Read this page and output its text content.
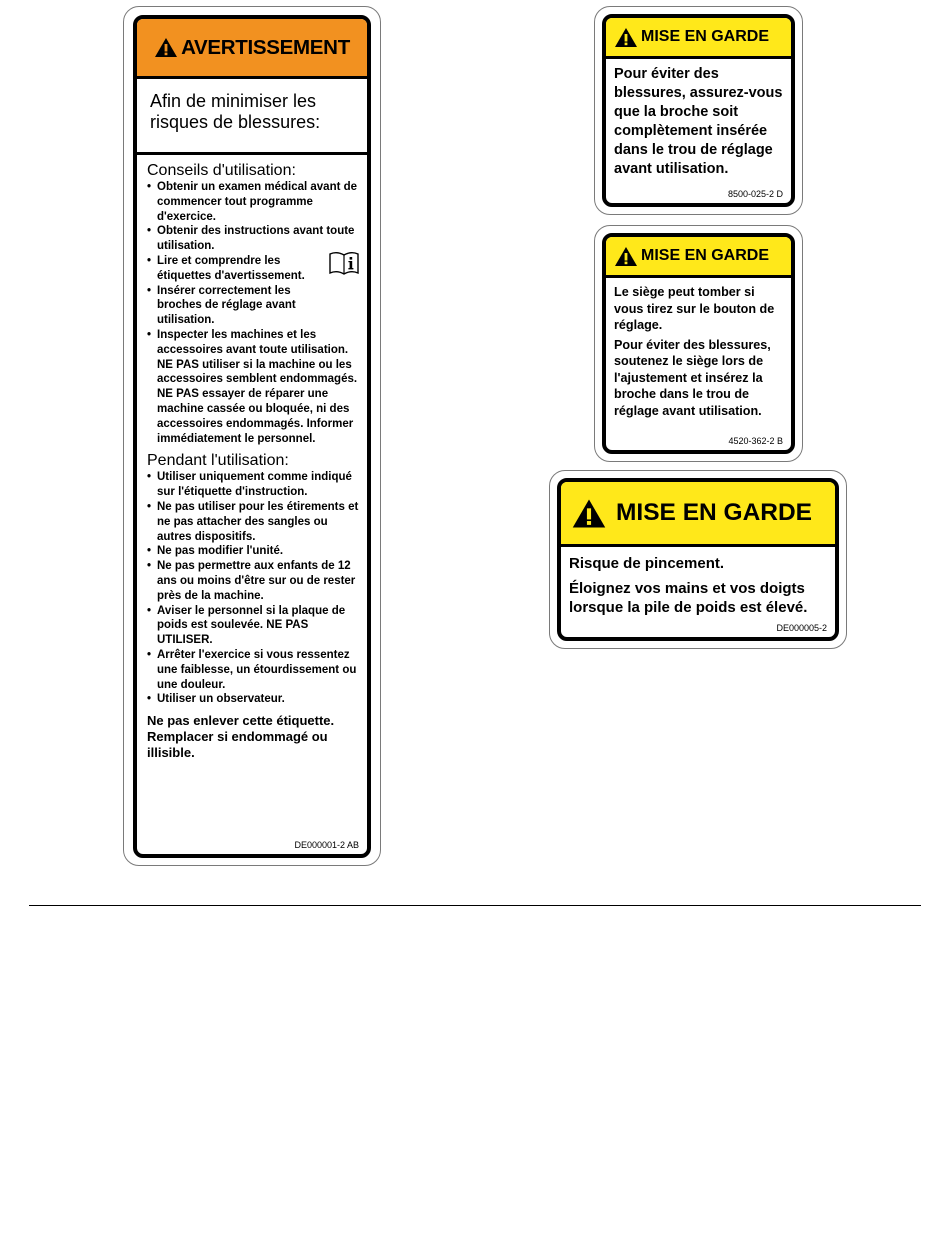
AVERTISSEMENT
Afin de minimiser les risques de blessures:
Conseils d'utilisation:
• Obtenir un examen médical avant de commencer tout programme d'exercice.
• Obtenir des instructions avant toute utilisation.
• Lire et comprendre les étiquettes d'avertissement.
• Insérer correctement les broches de réglage avant utilisation.
• Inspecter les machines et les accessoires avant toute utilisation. NE PAS utiliser si la machine ou les accessoires semblent endommagés. NE PAS essayer de réparer une machine cassée ou bloquée, ni des accessoires endommagés. Informer immédiatement le personnel.
Pendant l'utilisation:
• Utiliser uniquement comme indiqué sur l'étiquette d'instruction.
• Ne pas utiliser pour les étirements et ne pas attacher des sangles ou autres dispositifs.
• Ne pas modifier l'unité.
• Ne pas permettre aux enfants de 12 ans ou moins d'être sur ou de rester près de la machine.
• Aviser le personnel si la plaque de poids est soulevée. NE PAS UTILISER.
• Arrêter l'exercice si vous ressentez une faiblesse, un étourdissement ou une douleur.
• Utiliser un observateur.
Ne pas enlever cette étiquette. Remplacer si endommagé ou illisible.
DE000001-2 AB
MISE EN GARDE
Pour éviter des blessures, assurez-vous que la broche soit complètement insérée dans le trou de réglage avant utilisation.
8500-025-2 D
MISE EN GARDE

Le siège peut tomber si vous tirez sur le bouton de réglage.

Pour éviter des blessures, soutenez le siège lors de l'ajustement et insérez la broche dans le trou de réglage avant utilisation.

4520-362-2 B
MISE EN GARDE

Risque de pincement.

Éloignez vos mains et vos doigts lorsque la pile de poids est élevé.

DE000005-2
